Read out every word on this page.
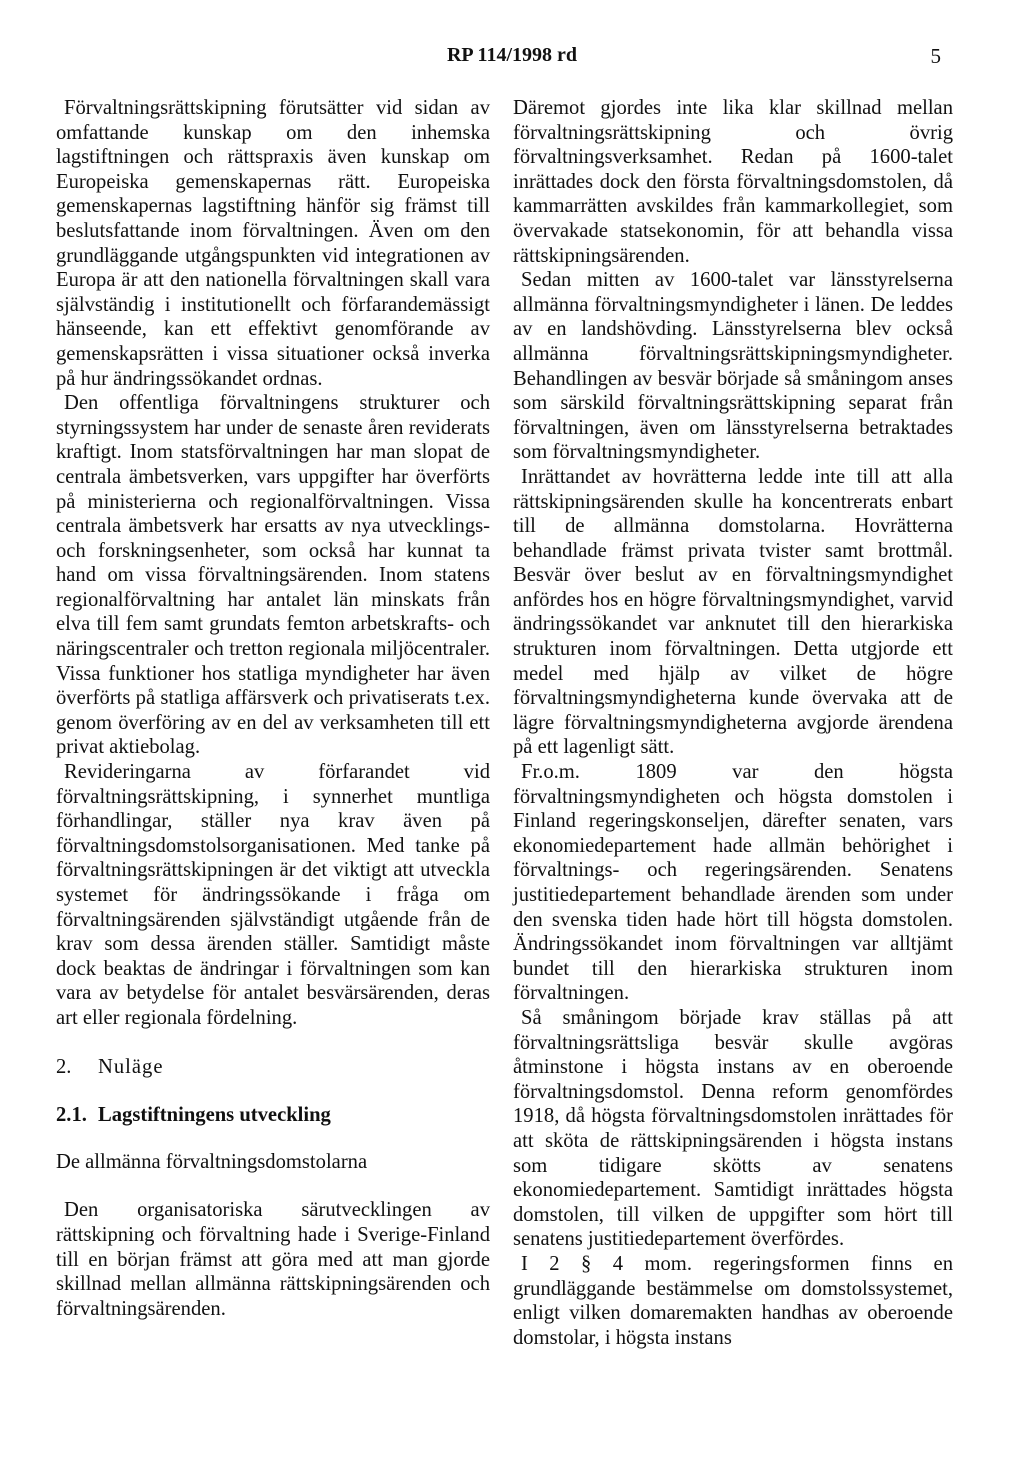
RP 114/1998 rd	5

Förvaltningsrättskipning förutsätter vid sidan av omfattande kunskap om den inhemska lagstiftningen och rättspraxis även kunskap om Europeiska gemenskapernas rätt. Europeiska gemenskapernas lagstiftning hänför sig främst till beslutsfattande inom förvaltningen. Även om den grundläggande utgångspunkten vid integrationen av Europa är att den nationella förvaltningen skall vara självständig i institutionellt och förfarandemässigt hänseende, kan ett effektivt genomförande av gemenskapsrätten i vissa situationer också inverka på hur ändringssökandet ordnas.

Den offentliga förvaltningens strukturer och styrningssystem har under de senaste åren reviderats kraftigt. Inom statsförvaltningen har man slopat de centrala ämbetsverken, vars uppgifter har överförts på ministerierna och regionalförvaltningen. Vissa centrala ämbetsverk har ersatts av nya utvecklings- och forskningsenheter, som också har kunnat ta hand om vissa förvaltningsärenden. Inom statens regionalförvaltning har antalet län minskats från elva till fem samt grundats femton arbetskrafts- och näringscentraler och tretton regionala miljöcentraler. Vissa funktioner hos statliga myndigheter har även överförts på statliga affärsverk och privatiserats t.ex. genom överföring av en del av verksamheten till ett privat aktiebolag.

Revideringarna av förfarandet vid förvaltningsrättskipning, i synnerhet muntliga förhandlingar, ställer nya krav även på förvaltningsdomstolsorganisationen. Med tanke på förvaltningsrättskipningen är det viktigt att utveckla systemet för ändringssökande i fråga om förvaltningsärenden självständigt utgående från de krav som dessa ärenden ställer. Samtidigt måste dock beaktas de ändringar i förvaltningen som kan vara av betydelse för antalet besvärsärenden, deras art eller regionala fördelning.

2. Nuläge
2.1. Lagstiftningens utveckling
De allmänna förvaltningsdomstolarna

Den organisatoriska särutvecklingen av rättskipning och förvaltning hade i Sverige-Finland till en början främst att göra med att man gjorde skillnad mellan allmänna rättskipningsärenden och förvaltningsärenden.

Däremot gjordes inte lika klar skillnad mellan förvaltningsrättskipning och övrig förvaltningsverksamhet. Redan på 1600-talet inrättades dock den första förvaltningsdomstolen, då kammarrätten avskildes från kammarkollegiet, som övervakade statsekonomin, för att behandla vissa rättskipningsärenden.

Sedan mitten av 1600-talet var länsstyrelserna allmänna förvaltningsmyndigheter i länen. De leddes av en landshövding. Länsstyrelserna blev också allmänna förvaltningsrättskipningsmyndigheter. Behandlingen av besvär började så småningom anses som särskild förvaltningsrättskipning separat från förvaltningen, även om länsstyrelserna betraktades som förvaltningsmyndigheter.

Inrättandet av hovrätterna ledde inte till att alla rättskipningsärenden skulle ha koncentrerats enbart till de allmänna domstolarna. Hovrätterna behandlade främst privata tvister samt brottmål. Besvär över beslut av en förvaltningsmyndighet anfördes hos en högre förvaltningsmyndighet, varvid ändringssökandet var anknutet till den hierarkiska strukturen inom förvaltningen. Detta utgjorde ett medel med hjälp av vilket de högre förvaltningsmyndigheterna kunde övervaka att de lägre förvaltningsmyndigheterna avgjorde ärendena på ett lagenligt sätt.

Fr.o.m. 1809 var den högsta förvaltningsmyndigheten och högsta domstolen i Finland regeringskonseljen, därefter senaten, vars ekonomiedepartement hade allmän behörighet i förvaltnings- och regeringsärenden. Senatens justitiedepartement behandlade ärenden som under den svenska tiden hade hört till högsta domstolen. Ändringssökandet inom förvaltningen var alltjämt bundet till den hierarkiska strukturen inom förvaltningen.

Så småningom började krav ställas på att förvaltningsrättsliga besvär skulle avgöras åtminstone i högsta instans av en oberoende förvaltningsdomstol. Denna reform genomfördes 1918, då högsta förvaltningsdomstolen inrättades för att sköta de rättskipningsärenden i högsta instans som tidigare skötts av senatens ekonomiedepartement. Samtidigt inrättades högsta domstolen, till vilken de uppgifter som hört till senatens justitiedepartement överfördes.

I 2 § 4 mom. regeringsformen finns en grundläggande bestämmelse om domstolssystemet, enligt vilken domaremakten handhas av oberoende domstolar, i högsta instans
